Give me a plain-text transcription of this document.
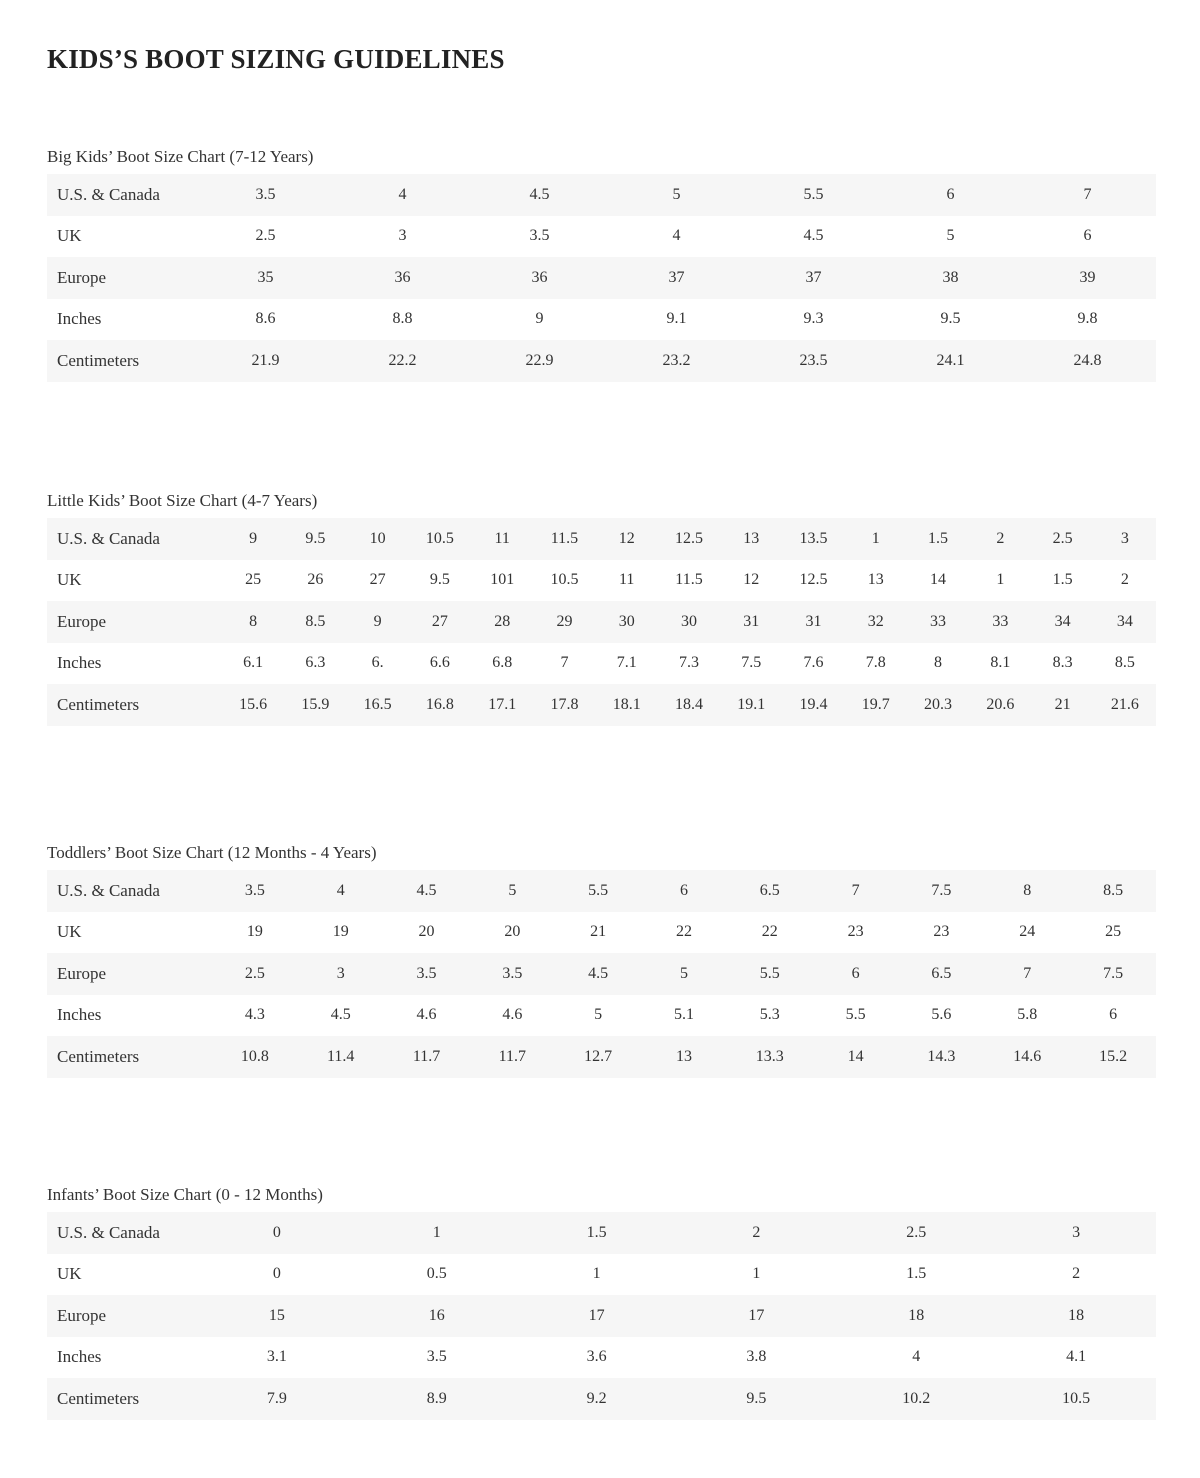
KIDS’S BOOT SIZING GUIDELINES
Big Kids’ Boot Size Chart (7-12 Years)
U.S. & Canada	3.5	4	4.5	5	5.5	6	7
UK	2.5	3	3.5	4	4.5	5	6
Europe	35	36	36	37	37	38	39
Inches	8.6	8.8	9	9.1	9.3	9.5	9.8
Centimeters	21.9	22.2	22.9	23.2	23.5	24.1	24.8
Little Kids’ Boot Size Chart (4-7 Years)
U.S. & Canada	9	9.5	10	10.5	11	11.5	12	12.5	13	13.5	1	1.5	2	2.5	3
UK	25	26	27	9.5	101	10.5	11	11.5	12	12.5	13	14	1	1.5	2
Europe	8	8.5	9	27	28	29	30	30	31	31	32	33	33	34	34
Inches	6.1	6.3	6.	6.6	6.8	7	7.1	7.3	7.5	7.6	7.8	8	8.1	8.3	8.5
Centimeters	15.6	15.9	16.5	16.8	17.1	17.8	18.1	18.4	19.1	19.4	19.7	20.3	20.6	21	21.6
Toddlers’ Boot Size Chart (12 Months - 4 Years)
U.S. & Canada	3.5	4	4.5	5	5.5	6	6.5	7	7.5	8	8.5
UK	19	19	20	20	21	22	22	23	23	24	25
Europe	2.5	3	3.5	3.5	4.5	5	5.5	6	6.5	7	7.5
Inches	4.3	4.5	4.6	4.6	5	5.1	5.3	5.5	5.6	5.8	6
Centimeters	10.8	11.4	11.7	11.7	12.7	13	13.3	14	14.3	14.6	15.2
Infants’ Boot Size Chart (0 - 12 Months)
U.S. & Canada	0	1	1.5	2	2.5	3
UK	0	0.5	1	1	1.5	2
Europe	15	16	17	17	18	18
Inches	3.1	3.5	3.6	3.8	4	4.1
Centimeters	7.9	8.9	9.2	9.5	10.2	10.5
